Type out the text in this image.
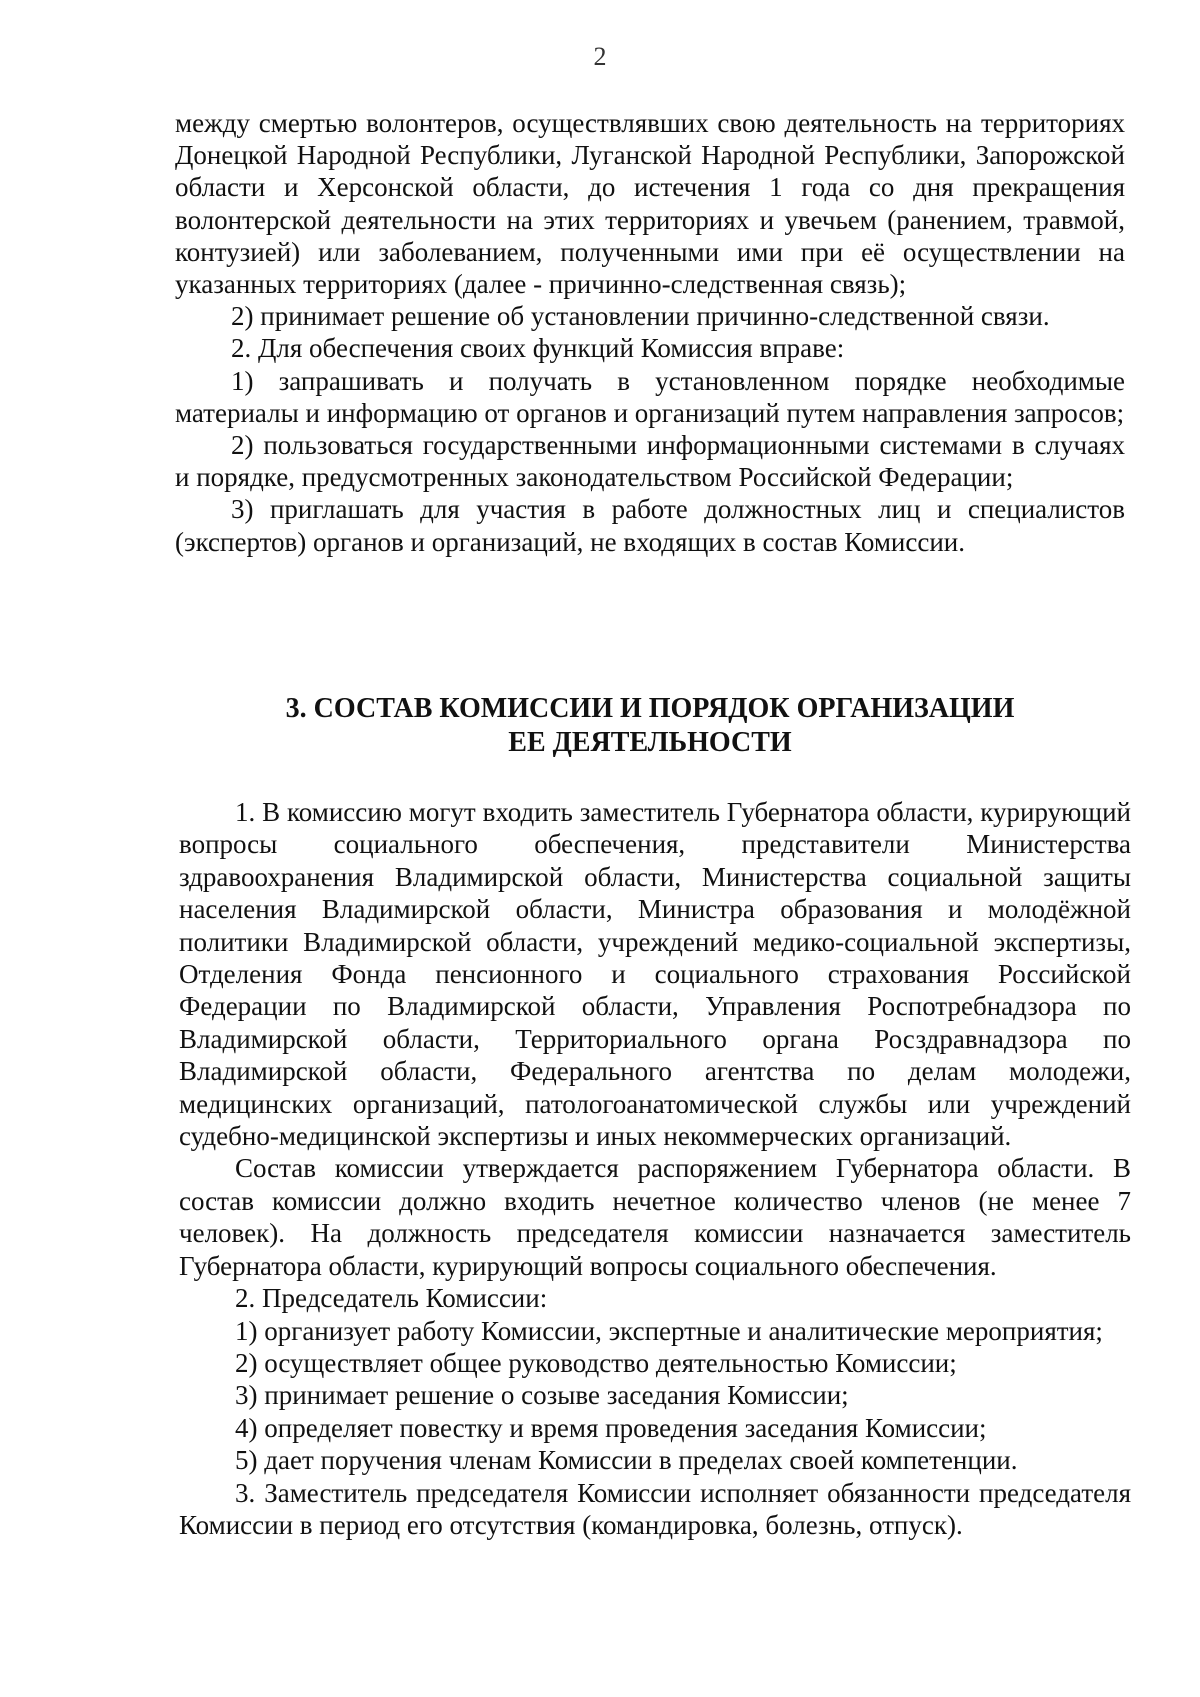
2

между смертью волонтеров, осуществлявших свою деятельность на территориях Донецкой Народной Республики, Луганской Народной Республики, Запорожской области и Херсонской области, до истечения 1 года со дня прекращения волонтерской деятельности на этих территориях и увечьем (ранением, травмой, контузией) или заболеванием, полученными ими при её осуществлении на указанных территориях (далее - причинно-следственная связь);

2) принимает решение об установлении причинно-следственной связи.

2. Для обеспечения своих функций Комиссия вправе:

1) запрашивать и получать в установленном порядке необходимые материалы и информацию от органов и организаций путем направления запросов;

2) пользоваться государственными информационными системами в случаях и порядке, предусмотренных законодательством Российской Федерации;

3) приглашать для участия в работе должностных лиц и специалистов (экспертов) органов и организаций, не входящих в состав Комиссии.

3. СОСТАВ КОМИССИИ И ПОРЯДОК ОРГАНИЗАЦИИ
ЕЕ ДЕЯТЕЛЬНОСТИ

1. В комиссию могут входить заместитель Губернатора области, курирующий вопросы социального обеспечения, представители Министерства здравоохранения Владимирской области, Министерства социальной защиты населения Владимирской области, Министра образования и молодёжной политики Владимирской области, учреждений медико-социальной экспертизы, Отделения Фонда пенсионного и социального страхования Российской Федерации по Владимирской области, Управления Роспотребнадзора по Владимирской области, Территориального органа Росздравнадзора по Владимирской области, Федерального агентства по делам молодежи, медицинских организаций, патологоанатомической службы или учреждений судебно-медицинской экспертизы и иных некоммерческих организаций.

Состав комиссии утверждается распоряжением Губернатора области. В состав комиссии должно входить нечетное количество членов (не менее 7 человек). На должность председателя комиссии назначается заместитель Губернатора области, курирующий вопросы социального обеспечения.

2. Председатель Комиссии:

1) организует работу Комиссии, экспертные и аналитические мероприятия;

2) осуществляет общее руководство деятельностью Комиссии;

3) принимает решение о созыве заседания Комиссии;

4) определяет повестку и время проведения заседания Комиссии;

5) дает поручения членам Комиссии в пределах своей компетенции.

3. Заместитель председателя Комиссии исполняет обязанности председателя Комиссии в период его отсутствия (командировка, болезнь, отпуск).
